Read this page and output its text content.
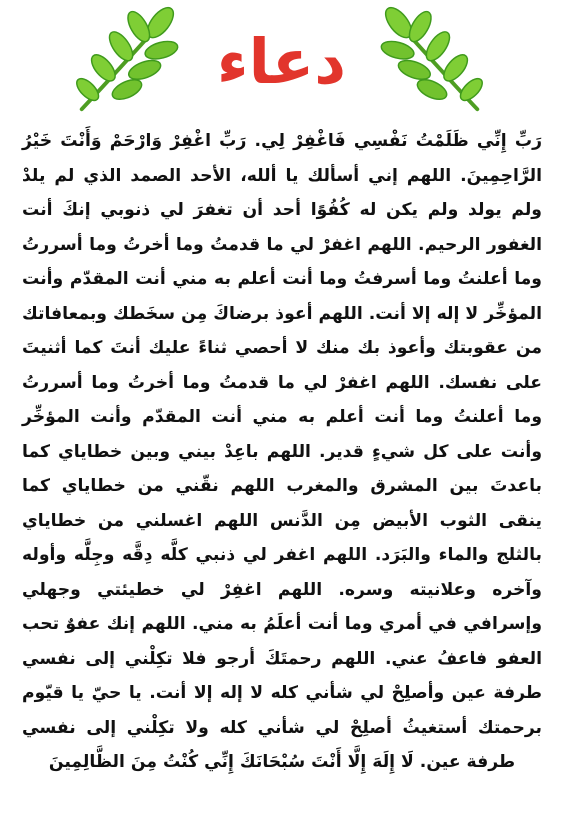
دعاء
رَبِّ إِنِّي ظَلَمْتُ نَفْسِي فَاغْفِرْ لِي. رَبِّ اغْفِرْ وَارْحَمْ وَأَنْتَ خَيْرُ الرَّاحِمِينَ. اللهم إني أسألك يا ألله، الأحد الصمد الذي لم يلدْ ولم يولد ولم يكن له كُفُوًا أحد أن تغفرَ لي ذنوبي إنكَ أنت الغفور الرحيم. اللهم اغفرْ لي ما قدمتُ وما أخرتُ وما أسررتُ وما أعلنتُ وما أسرفتُ وما أنت أعلم به مني أنت المقدّم وأنت المؤخِّر لا إله إلا أنت. اللهم أعوذ برضاكَ مِن سخَطك وبمعافاتك من عقوبتك وأعوذ بك منك لا أحصي ثناءً عليك أنتَ كما أثنيتَ على نفسك. اللهم اغفرْ لي ما قدمتُ وما أخرتُ وما أسررتُ وما أعلنتُ وما أنت أعلم به مني أنت المقدّم وأنت المؤخِّر وأنت على كل شيءٍ قدير. اللهم باعِدْ بيني وبين خطاياي كما باعدتَ بين المشرق والمغرب اللهم نقّني من خطاياي كما ينقى الثوب الأبيض مِن الدَّنس اللهم اغسلني من خطاياي بالثلج والماء والبَرَد. اللهم اغفر لي ذنبي كلَّه دِقَّه وجِلَّه وأوله وآخره وعلانيته وسره. اللهم اغفِرْ لي خطيئتي وجهلي وإسرافي في أمري وما أنت أعلَمُ به مني. اللهم إنك عفوٌ تحب العفو فاعفُ عني. اللهم رحمتَكَ أرجو فلا تكِلْني إلى نفسي طرفة عين وأصلِحْ لي شأني كله لا إله إلا أنت. يا حيّ يا قيّوم برحمتك أستغيثُ أصلِحْ لي شأني كله ولا تكِلْني إلى نفسي طرفة عين. لَا إِلَهَ إِلَّا أَنْتَ سُبْحَانَكَ إِنِّي كُنْتُ مِنَ الظَّالِمِينَ
